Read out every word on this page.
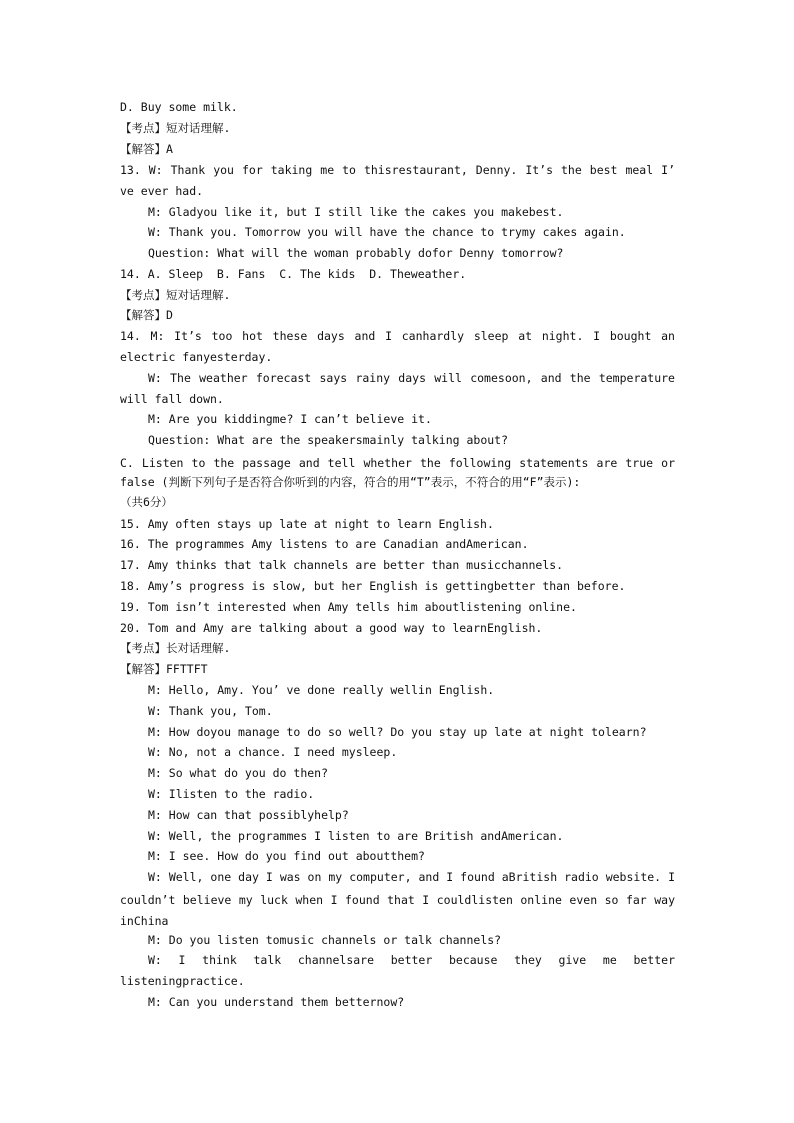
D. Buy some milk.
【考点】短对话理解.
【解答】A
13. W: Thank you for taking me to thisrestaurant, Denny. It’s the best meal I’
ve ever had.
M: Gladyou like it, but I still like the cakes you makebest.
W: Thank you. Tomorrow you will have the chance to trymy cakes again.
Question: What will the woman probably dofor Denny tomorrow?
14. A. Sleep  B. Fans  C. The kids  D. Theweather.
【考点】短对话理解.
【解答】D
14. M: It’s too hot these days and I canhardly sleep at night. I bought an
electric fanyesterday.
W: The weather forecast says rainy days will comesoon, and the temperature
will fall down.
M: Are you kiddingme? I can’t believe it.
Question: What are the speakersmainly talking about?
C. Listen to the passage and tell whether the following statements are true or
false (判断下列句子是否符合你听到的内容，符合的用“T”表示，不符合的用“F”表示):
（共6分）
15. Amy often stays up late at night to learn English.
16. The programmes Amy listens to are Canadian andAmerican.
17. Amy thinks that talk channels are better than musicchannels.
18. Amy’s progress is slow, but her English is gettingbetter than before.
19. Tom isn’t interested when Amy tells him aboutlistening online.
20. Tom and Amy are talking about a good way to learnEnglish.
【考点】长对话理解.
【解答】FFTTFT
M: Hello, Amy. You’ ve done really wellin English.
W: Thank you, Tom.
M: How doyou manage to do so well? Do you stay up late at night tolearn?
W: No, not a chance. I need mysleep.
M: So what do you do then?
W: Ilisten to the radio.
M: How can that possiblyhelp?
W: Well, the programmes I listen to are British andAmerican.
M: I see. How do you find out aboutthem?
W: Well, one day I was on my computer, and I found aBritish radio website. I
couldn’t believe my luck when I found that I couldlisten online even so far way
inChina
M: Do you listen tomusic channels or talk channels?
W: I think talk channelsare better because they give me better
listeningpractice.
M: Can you understand them betternow?
